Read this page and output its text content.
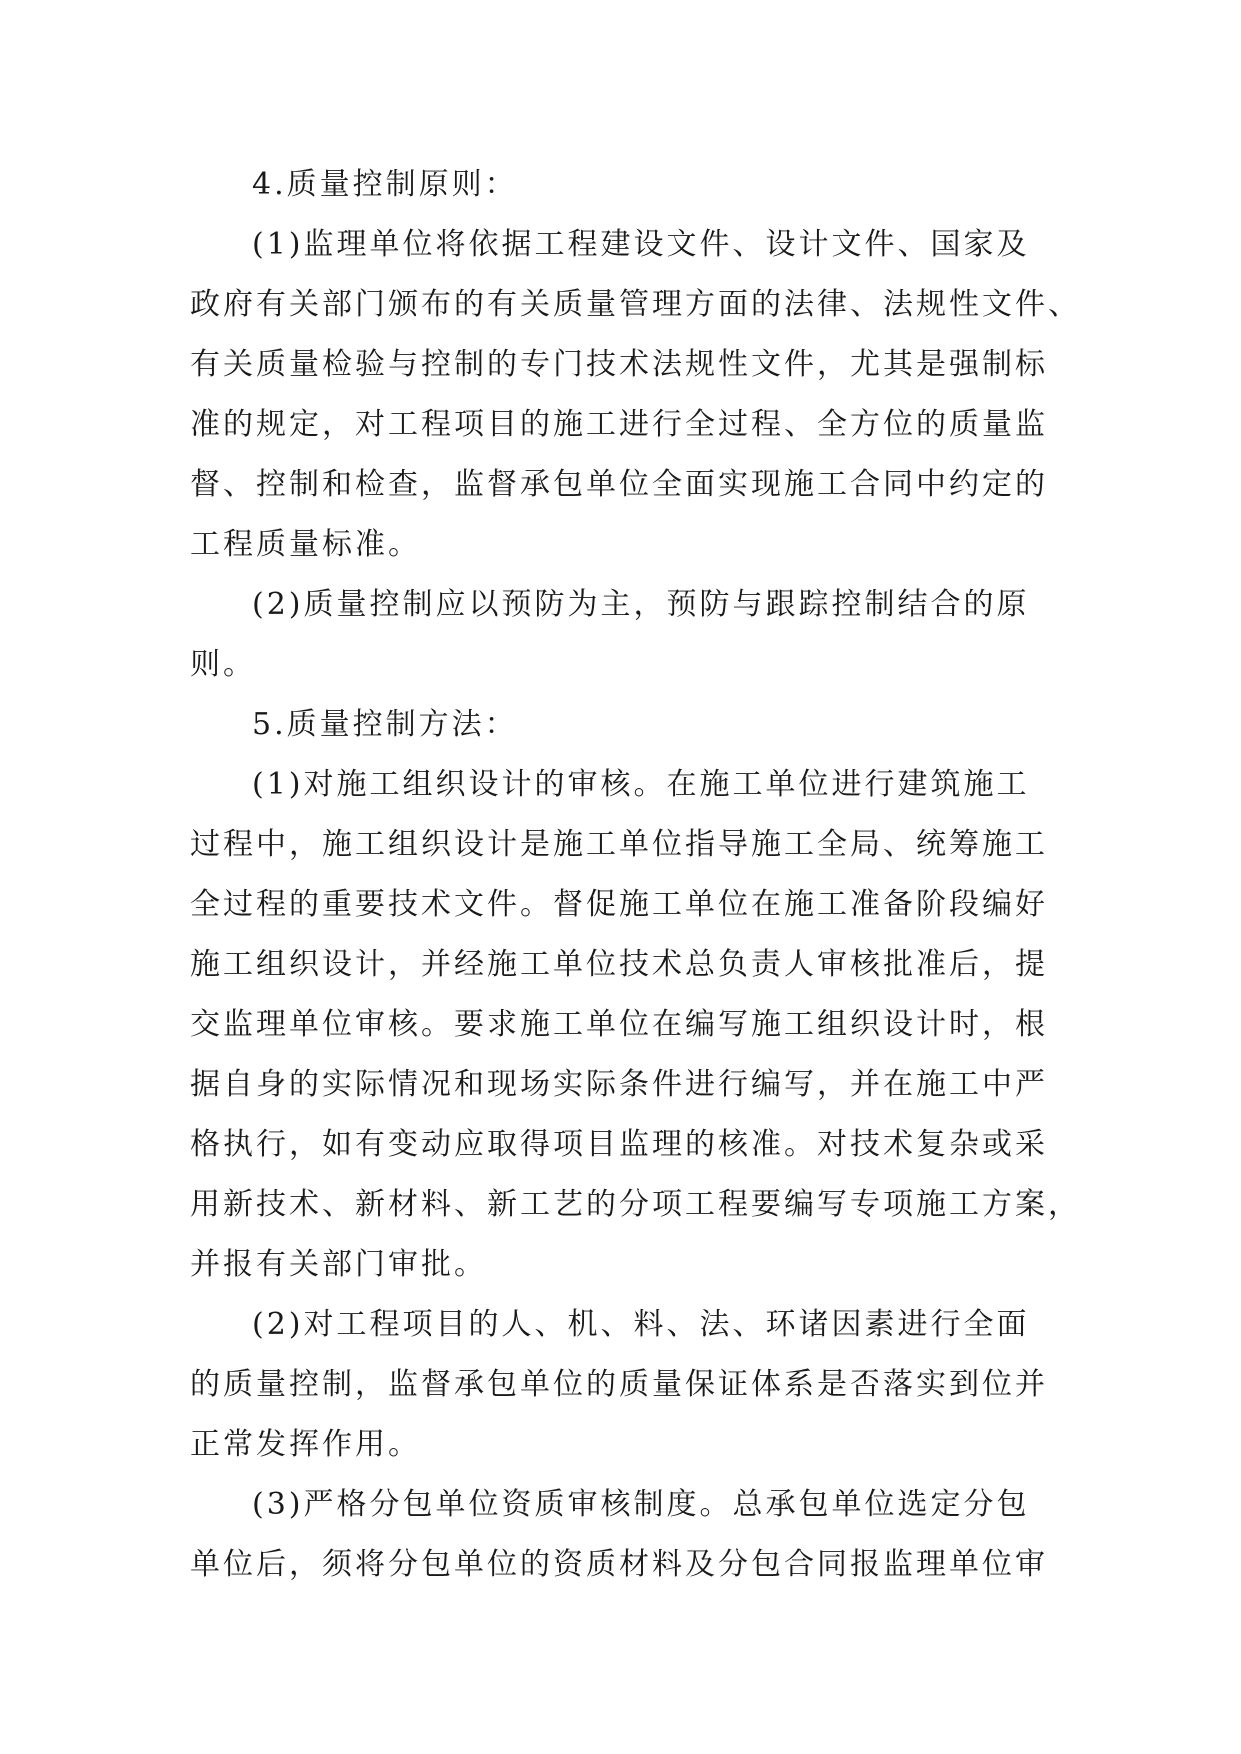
4.质量控制原则：
(1)监理单位将依据工程建设文件、设计文件、国家及
政府有关部门颁布的有关质量管理方面的法律、法规性文件、
有关质量检验与控制的专门技术法规性文件，尤其是强制标
准的规定，对工程项目的施工进行全过程、全方位的质量监
督、控制和检查，监督承包单位全面实现施工合同中约定的
工程质量标准。
(2)质量控制应以预防为主，预防与跟踪控制结合的原
则。
5.质量控制方法：
(1)对施工组织设计的审核。在施工单位进行建筑施工
过程中，施工组织设计是施工单位指导施工全局、统筹施工
全过程的重要技术文件。督促施工单位在施工准备阶段编好
施工组织设计，并经施工单位技术总负责人审核批准后，提
交监理单位审核。要求施工单位在编写施工组织设计时，根
据自身的实际情况和现场实际条件进行编写，并在施工中严
格执行，如有变动应取得项目监理的核准。对技术复杂或采
用新技术、新材料、新工艺的分项工程要编写专项施工方案，
并报有关部门审批。
(2)对工程项目的人、机、料、法、环诸因素进行全面
的质量控制，监督承包单位的质量保证体系是否落实到位并
正常发挥作用。
(3)严格分包单位资质审核制度。总承包单位选定分包
单位后，须将分包单位的资质材料及分包合同报监理单位审
